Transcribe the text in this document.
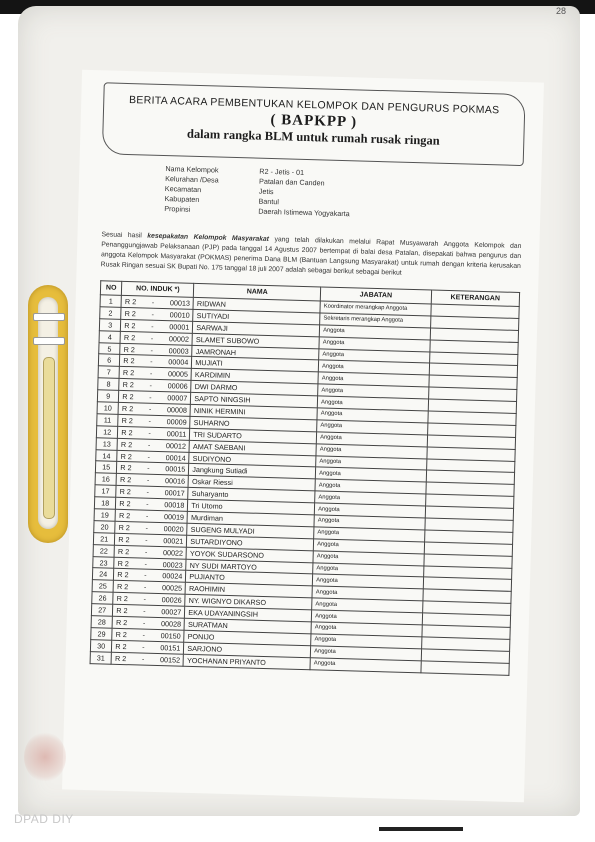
28
BERITA ACARA PEMBENTUKAN KELOMPOK DAN PENGURUS POKMAS
( BAPKPP )
dalam rangka BLM untuk rumah rusak ringan
Nama Kelompok	R2 - Jetis - 01
Kelurahan /Desa	Patalan dan Canden
Kecamatan	Jetis
Kabupaten	Bantul
Propinsi	Daerah Istimewa Yogyakarta
Sesuai hasil kesepakatan Kelompok Masyarakat yang telah dilakukan melalui Rapat Musyawarah Anggota Kelompok dan Penanggungjawab Pelaksanaan (PJP) pada tanggal 14 Agustus 2007 bertempat di balai desa Patalan, disepakati bahwa pengurus dan anggota Kelompok Masyarakat (POKMAS) penerima Dana BLM (Bantuan Langsung Masyarakat) untuk rumah dengan kriteria kerusakan Rusak Ringan sesuai SK Bupati No. 175 tanggal 18 juli 2007 adalah sebagai berikut sebagai berikut
NO	NO. INDUK *)	NAMA	JABATAN	KETERANGAN
1	R 2 - 00013	RIDWAN	Koordinator merangkap Anggota	
2	R 2 - 00010	SUTIYADI	Sekretaris merangkap Anggota	
3	R 2 - 00001	SARWAJI	Anggota	
4	R 2 - 00002	SLAMET SUBOWO	Anggota	
5	R 2 - 00003	JAMRONAH	Anggota	
6	R 2 - 00004	MUJIATI	Anggota	
7	R 2 - 00005	KARDIMIN	Anggota	
8	R 2 - 00006	DWI DARMO	Anggota	
9	R 2 - 00007	SAPTO NINGSIH	Anggota	
10	R 2 - 00008	NINIK HERMINI	Anggota	
11	R 2 - 00009	SUHARNO	Anggota	
12	R 2 - 00011	TRI SUDARTO	Anggota	
13	R 2 - 00012	AMAT SAEBANI	Anggota	
14	R 2 - 00014	SUDIYONO	Anggota	
15	R 2 - 00015	Jangkung Sutiadi	Anggota	
16	R 2 - 00016	Oskar Riessi	Anggota	
17	R 2 - 00017	Suharyanto	Anggota	
18	R 2 - 00018	Tri Utomo	Anggota	
19	R 2 - 00019	Murdiman	Anggota	
20	R 2 - 00020	SUGENG MULYADI	Anggota	
21	R 2 - 00021	SUTARDIYONO	Anggota	
22	R 2 - 00022	YOYOK SUDARSONO	Anggota	
23	R 2 - 00023	NY SUDI MARTOYO	Anggota	
24	R 2 - 00024	PUJIANTO	Anggota	
25	R 2 - 00025	RAOHIMIN	Anggota	
26	R 2 - 00026	NY. WIGNYO DIKARSO	Anggota	
27	R 2 - 00027	EKA UDAYANINGSIH	Anggota	
28	R 2 - 00028	SURATMAN	Anggota	
29	R 2 - 00150	PONIJO	Anggota	
30	R 2 - 00151	SARJONO	Anggota	
31	R 2 - 00152	YOCHANAN PRIYANTO	Anggota	
DPAD DIY
